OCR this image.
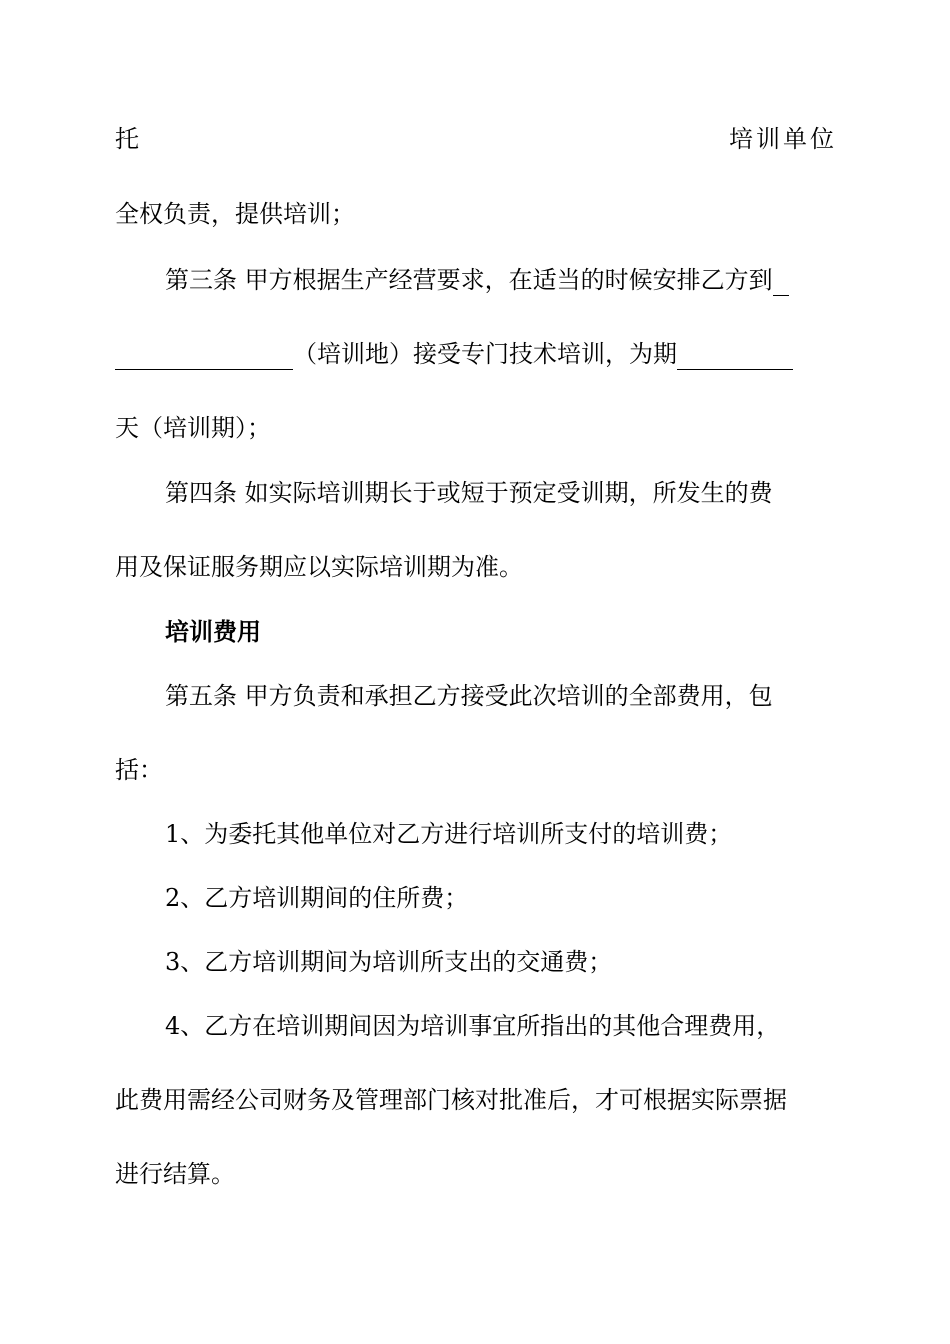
托	培训单位
全权负责，提供培训；
第三条 甲方根据生产经营要求，在适当的时候安排乙方到
（培训地）接受专门技术培训，为期
天（培训期）；
第四条 如实际培训期长于或短于预定受训期，所发生的费
用及保证服务期应以实际培训期为准。
培训费用
第五条 甲方负责和承担乙方接受此次培训的全部费用，包
括：
1、为委托其他单位对乙方进行培训所支付的培训费；
2、乙方培训期间的住所费；
3、乙方培训期间为培训所支出的交通费；
4、乙方在培训期间因为培训事宜所指出的其他合理费用，
此费用需经公司财务及管理部门核对批准后，才可根据实际票据
进行结算。
